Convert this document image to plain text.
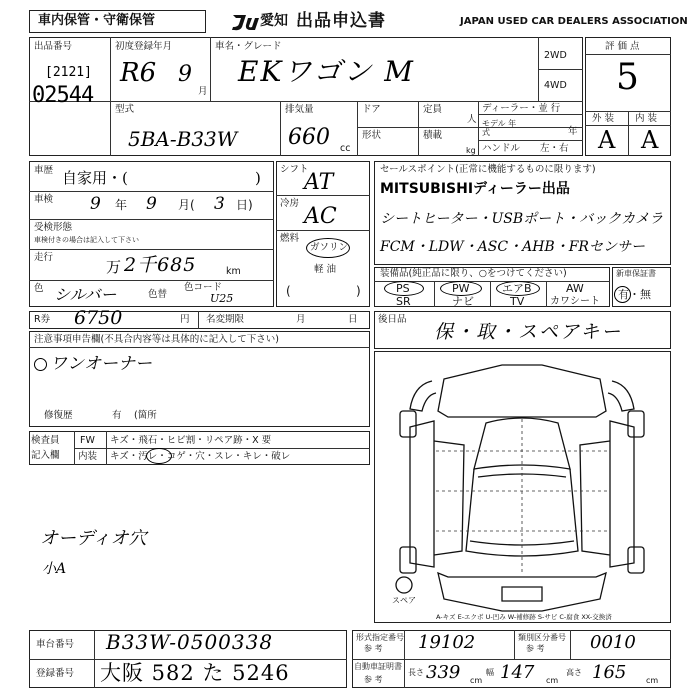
車内保管・守衛保管	愛知 出品申込書	JAPAN USED CAR DEALERS ASSOCIATION
出品番号
[2121]
02544
初度登録年月
R6 9
月
車名・グレード
EKワゴン M	2WD
4WD
評 価 点
5
外 装 内 装
A A
型式
5BA-B33W
排気量
660 cc
ドア	定員
人
ディーラー・並 行
モデル 年式	年
形状	積載
kg ハンドル 左・右
車歴 自家用・(	)
車検 9 年 9 月( 3 日)
受検形態
車検付きの場合は記入して下さい
走行
万 2千685	km
色 シルバー	色替
色コード
U25
シフト
AT
冷房
AC
燃料
ガソリン
軽 油
(	)
セールスポイント(正常に機能するものに限ります)
MITSUBISHIディーラー出品
シートヒーター・USBポート・バックカメラ
FCM・LDW・ASC・AHB・FRセンサー
装備品(純正品に限り、○をつけてください)
PS	PW	エアB	AW
SR	ナビ	TV	カワシート
新車保証書
有・無
R券 6750	円 名変期限	月	日 後日品
保・取・スペアキー
注意事項申告欄(不具合内容等は具体的に記入して下さい)
ワンオーナー
修復歴	有 (箇所
検査員
記入欄
FW キズ・飛石・ヒビ割・リペア跡・X 要
内装 キズ・汚レ・コゲ・穴・スレ・キレ・破レ
オーディオ穴
小A
スペア
A-キズ E-エクボ U-凹み W-補修跡 S-サビ C-腐食 XX-交換済
車台番号 B33W-0500338
登録番号 大阪 582 た 5246
形式指定番号
参 考 19102	類別区分番号
参 考	0010
自動車証明書
参 考
長さ 339 cm
幅 147 cm
高さ 165 cm
